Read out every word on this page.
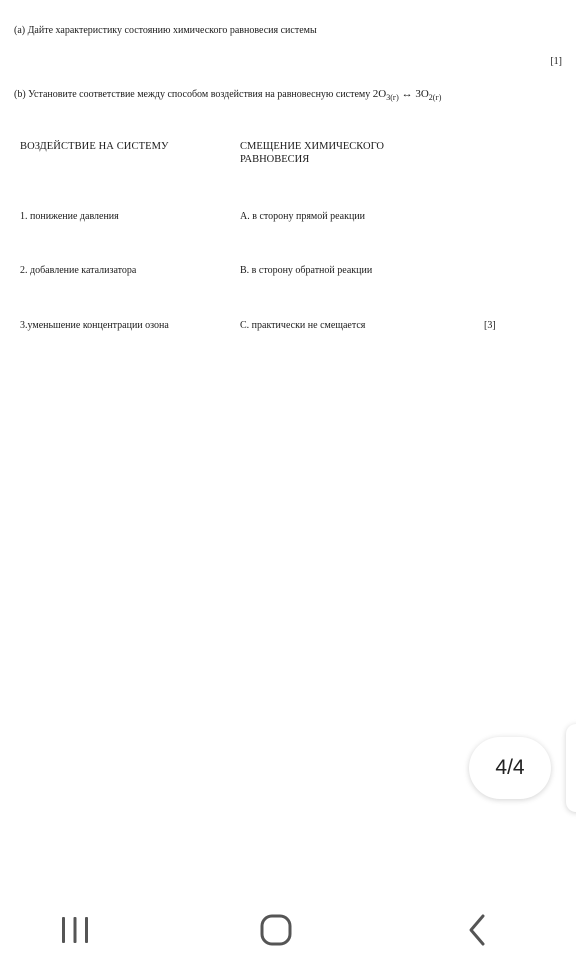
(a) Дайте характеристику состоянию химического равновесия системы
[1]
(b) Установите соответствие между способом воздействия на равновесную систему $2O_{3(г)}$ ↔ $3O_{2(г)}$
ВОЗДЕЙСТВИЕ НА СИСТЕМУ	СМЕЩЕНИЕ ХИМИЧЕСКОГО РАВНОВЕСИЯ
1. понижение давления	A. в сторону прямой реакции
2. добавление катализатора	B. в сторону обратной реакции
3.уменьшение концентрации озона	C. практически не смещается	[3]
4/4
